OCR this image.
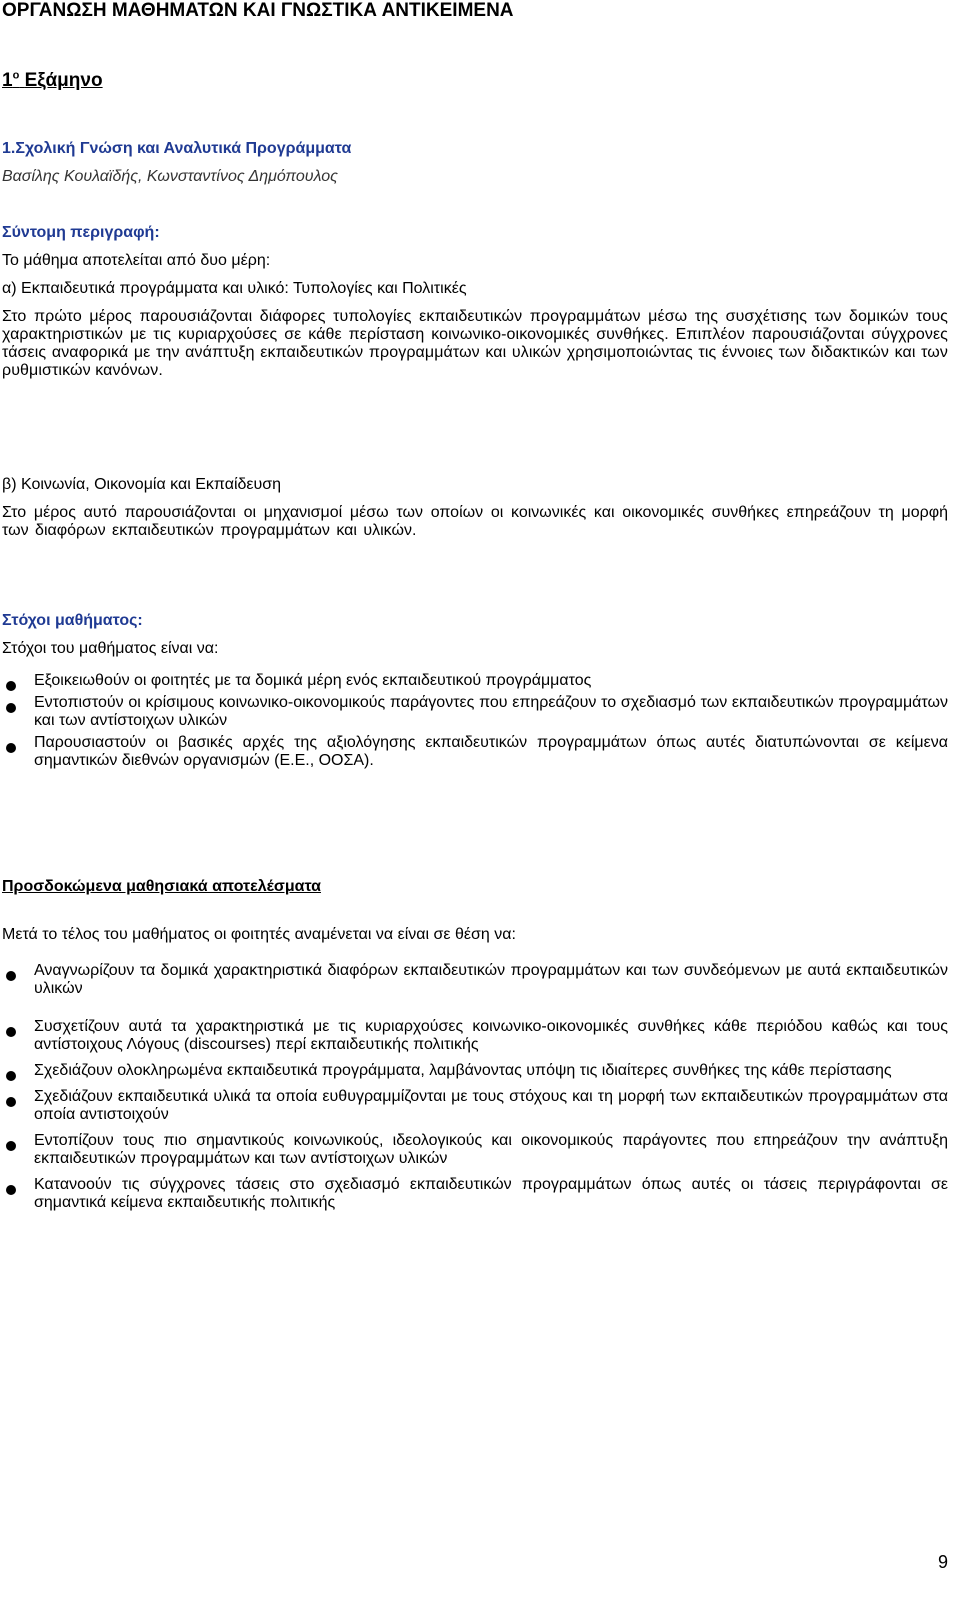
ΟΡΓΑΝΩΣΗ ΜΑΘΗΜΑΤΩΝ ΚΑΙ ΓΝΩΣΤΙΚΑ ΑΝΤΙΚΕΙΜΕΝΑ
$1^o$ Εξάμηνο
1.Σχολική Γνώση και Αναλυτικά Προγράμματα
Βασίλης Κουλαϊδής, Κωνσταντίνος Δημόπουλος
Σύντομη περιγραφή:
Το μάθημα αποτελείται από δυο μέρη:
α) Εκπαιδευτικά προγράμματα και υλικό: Τυπολογίες και Πολιτικές
Στο πρώτο μέρος παρουσιάζονται διάφορες τυπολογίες εκπαιδευτικών προγραμμάτων μέσω της συσχέτισης των δομικών τους χαρακτηριστικών με τις κυριαρχούσες σε κάθε περίσταση κοινωνικο-οικονομικές συνθήκες. Επιπλέον παρουσιάζονται σύγχρονες τάσεις αναφορικά με την ανάπτυξη εκπαιδευτικών προγραμμάτων και υλικών χρησιμοποιώντας τις έννοιες των διδακτικών και των ρυθμιστικών κανόνων.
β) Κοινωνία, Οικονομία και Εκπαίδευση
Στο μέρος αυτό παρουσιάζονται οι μηχανισμοί μέσω των οποίων οι κοινωνικές και οικονομικές συνθήκες επηρεάζουν τη μορφή των διαφόρων εκπαιδευτικών προγραμμάτων και υλικών.
Στόχοι μαθήματος:
Στόχοι του μαθήματος είναι να:
Εξοικειωθούν οι φοιτητές με τα δομικά μέρη ενός εκπαιδευτικού προγράμματος
Εντοπιστούν οι κρίσιμους κοινωνικο-οικονομικούς παράγοντες που επηρεάζουν το σχεδιασμό των εκπαιδευτικών προγραμμάτων και των αντίστοιχων υλικών
Παρουσιαστούν οι βασικές αρχές της αξιολόγησης εκπαιδευτικών προγραμμάτων όπως αυτές διατυπώνονται σε κείμενα σημαντικών διεθνών οργανισμών (Ε.Ε., ΟΟΣΑ).
Προσδοκώμενα μαθησιακά αποτελέσματα
Μετά το τέλος του μαθήματος οι φοιτητές αναμένεται να είναι σε θέση να:
Αναγνωρίζουν τα δομικά χαρακτηριστικά διαφόρων εκπαιδευτικών προγραμμάτων και των συνδεόμενων με αυτά εκπαιδευτικών υλικών
Συσχετίζουν αυτά τα χαρακτηριστικά με τις κυριαρχούσες κοινωνικο-οικονομικές συνθήκες κάθε περιόδου καθώς και τους αντίστοιχους Λόγους (discourses) περί εκπαιδευτικής πολιτικής
Σχεδιάζουν ολοκληρωμένα εκπαιδευτικά προγράμματα, λαμβάνοντας υπόψη τις ιδιαίτερες συνθήκες της κάθε περίστασης
Σχεδιάζουν εκπαιδευτικά υλικά τα οποία ευθυγραμμίζονται με τους στόχους και τη μορφή των εκπαιδευτικών προγραμμάτων στα οποία αντιστοιχούν
Εντοπίζουν τους πιο σημαντικούς κοινωνικούς, ιδεολογικούς και οικονομικούς παράγοντες που επηρεάζουν την ανάπτυξη εκπαιδευτικών προγραμμάτων και των αντίστοιχων υλικών
Κατανοούν τις σύγχρονες τάσεις στο σχεδιασμό εκπαιδευτικών προγραμμάτων όπως αυτές οι τάσεις περιγράφονται σε σημαντικά κείμενα εκπαιδευτικής πολιτικής
9
